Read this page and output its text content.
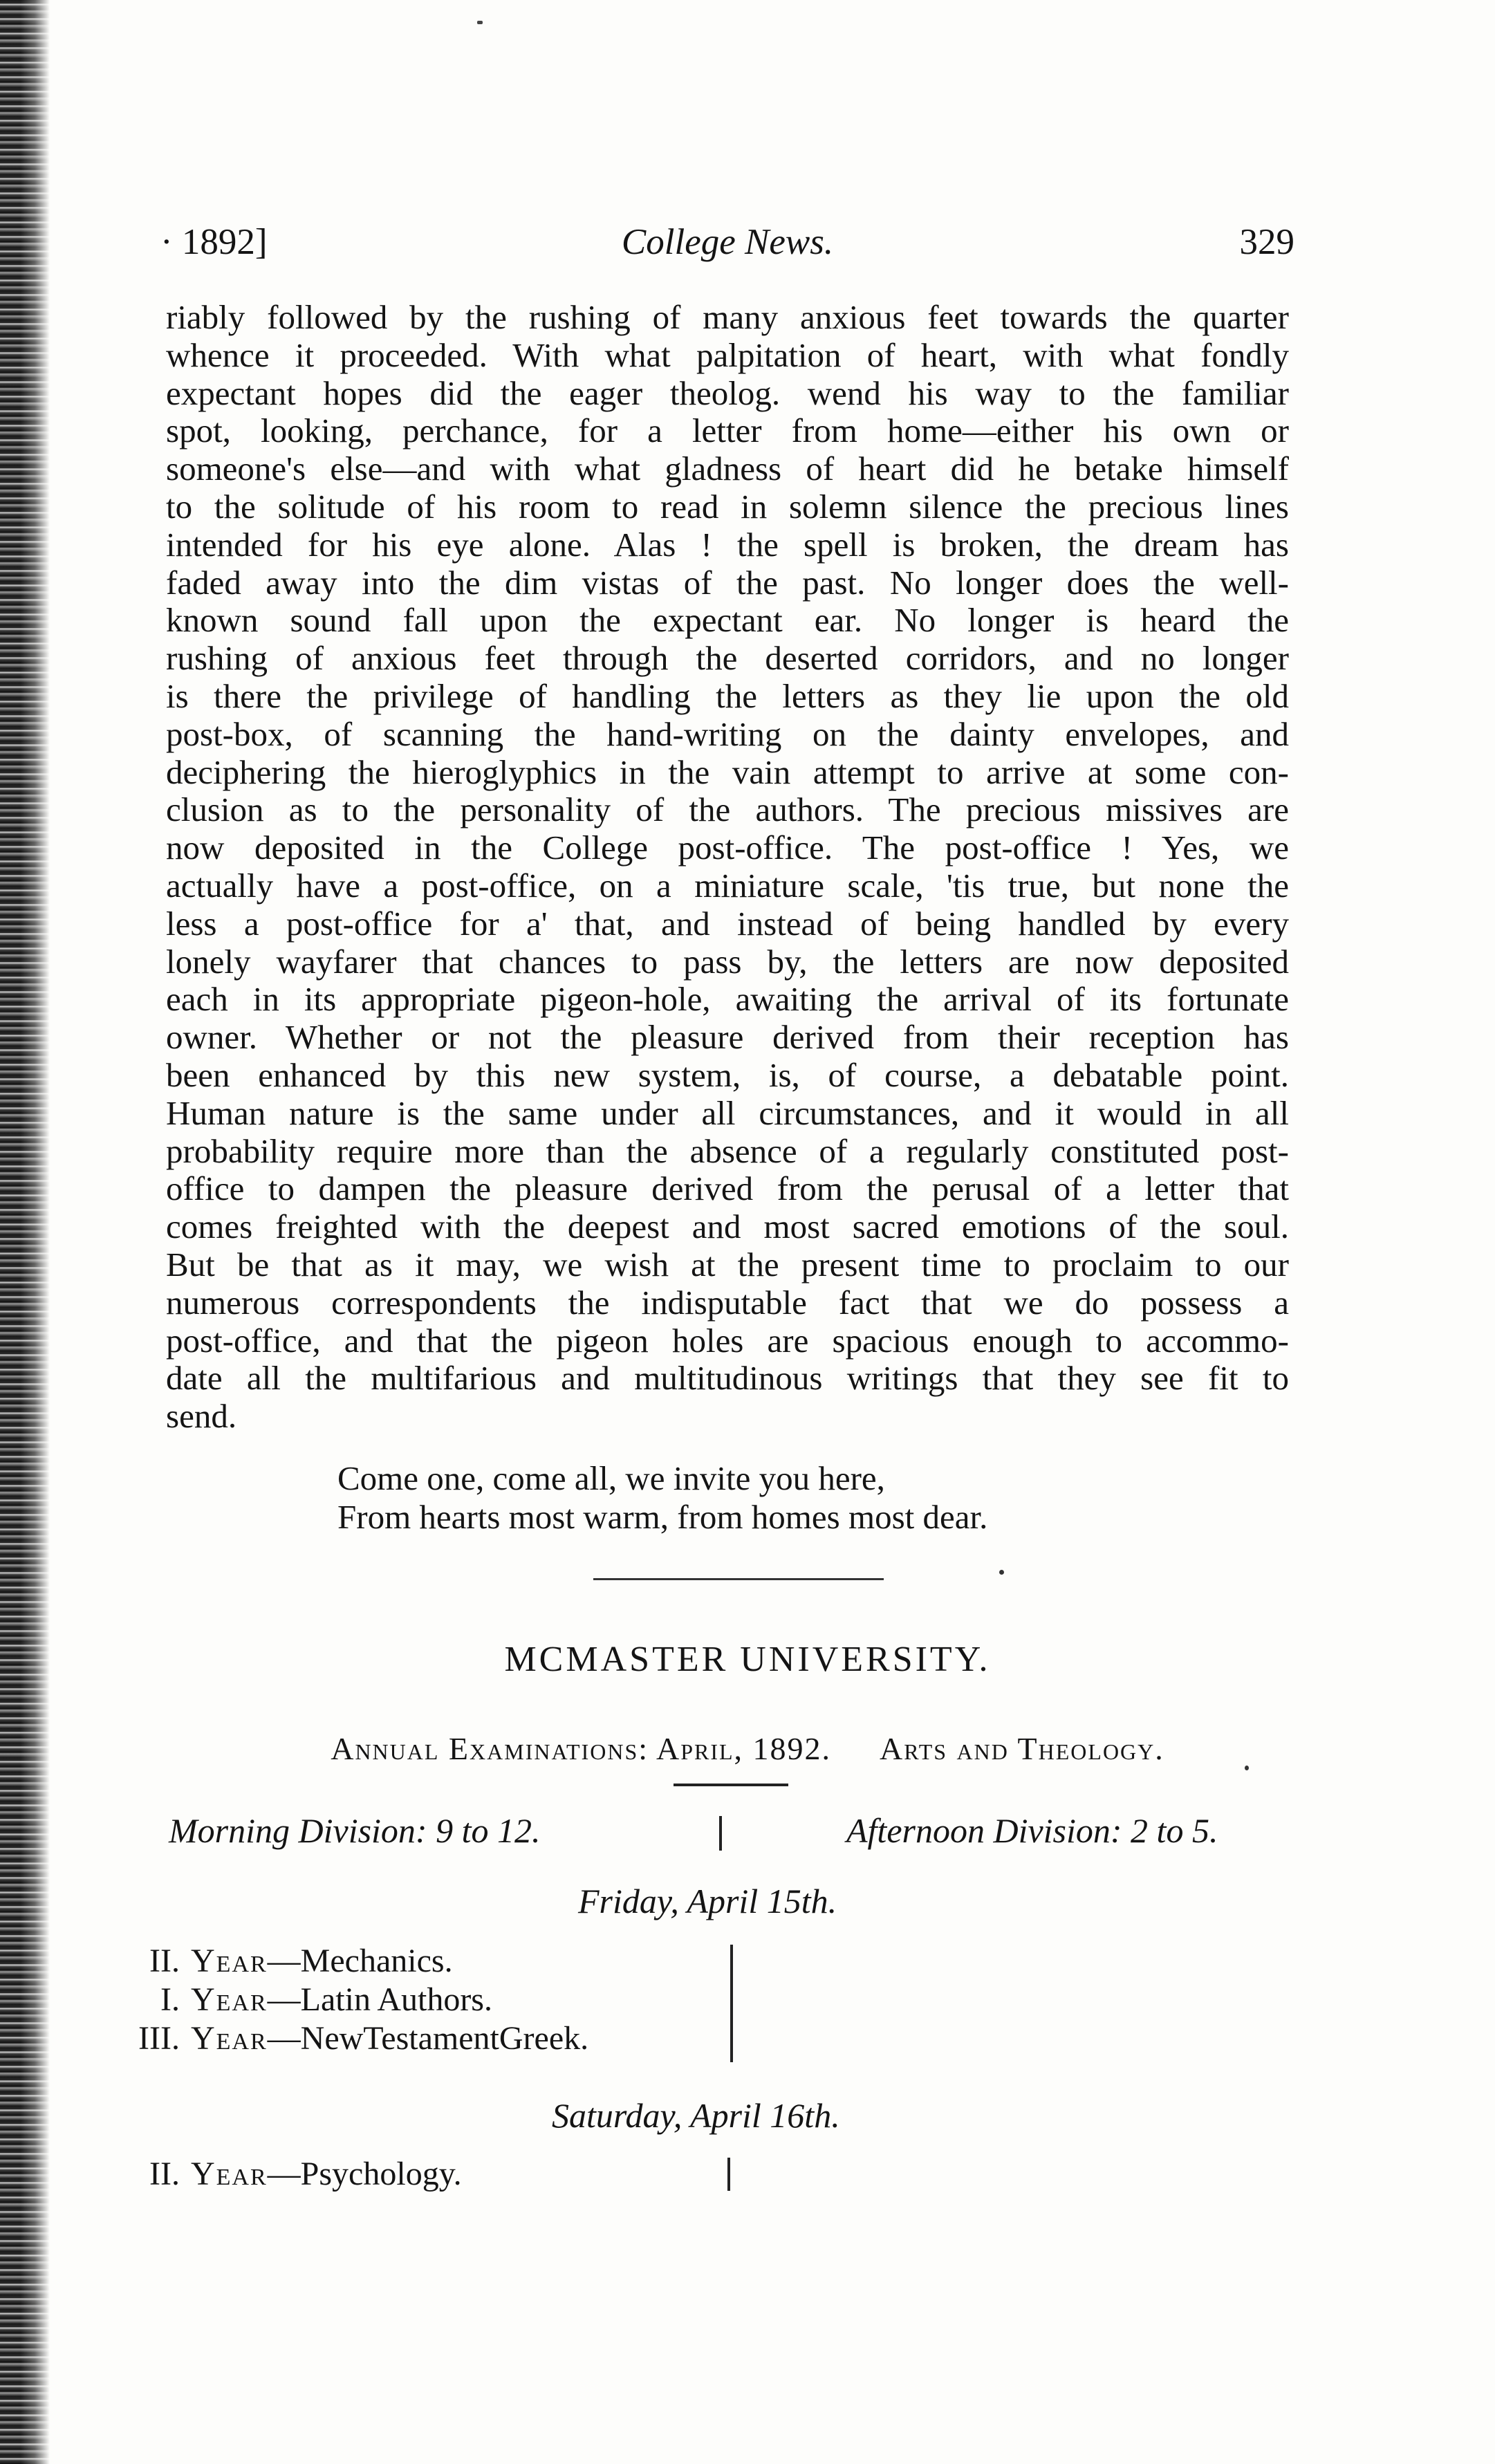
· 1892]	College News.	329
riably followed by the rushing of many anxious feet towards the quarter
whence it proceeded. With what palpitation of heart, with what fondly
expectant hopes did the eager theolog. wend his way to the familiar
spot, looking, perchance, for a letter from home—either his own or
someone's else—and with what gladness of heart did he betake himself
to the solitude of his room to read in solemn silence the precious lines
intended for his eye alone. Alas ! the spell is broken, the dream has
faded away into the dim vistas of the past. No longer does the well-
known sound fall upon the expectant ear. No longer is heard the
rushing of anxious feet through the deserted corridors, and no longer
is there the privilege of handling the letters as they lie upon the old
post-box, of scanning the hand-writing on the dainty envelopes, and
deciphering the hieroglyphics in the vain attempt to arrive at some con-
clusion as to the personality of the authors. The precious missives are
now deposited in the College post-office. The post-office ! Yes, we
actually have a post-office, on a miniature scale, 'tis true, but none the
less a post-office for a' that, and instead of being handled by every
lonely wayfarer that chances to pass by, the letters are now deposited
each in its appropriate pigeon-hole, awaiting the arrival of its fortunate
owner. Whether or not the pleasure derived from their reception has
been enhanced by this new system, is, of course, a debatable point.
Human nature is the same under all circumstances, and it would in all
probability require more than the absence of a regularly constituted post-
office to dampen the pleasure derived from the perusal of a letter that
comes freighted with the deepest and most sacred emotions of the soul.
But be that as it may, we wish at the present time to proclaim to our
numerous correspondents the indisputable fact that we do possess a
post-office, and that the pigeon holes are spacious enough to accommo-
date all the multifarious and multitudinous writings that they see fit to
send.
Come one, come all, we invite you here,
From hearts most warm, from homes most dear.
MCMASTER UNIVERSITY.
Annual Examinations: April, 1892. Arts and Theology.
Morning Division: 9 to 12.	Afternoon Division: 2 to 5.
Friday, April 15th.
II. Year—Mechanics.
I. Year—Latin Authors.
III. Year—NewTestamentGreek.
Saturday, April 16th.
II. Year—Psychology.
